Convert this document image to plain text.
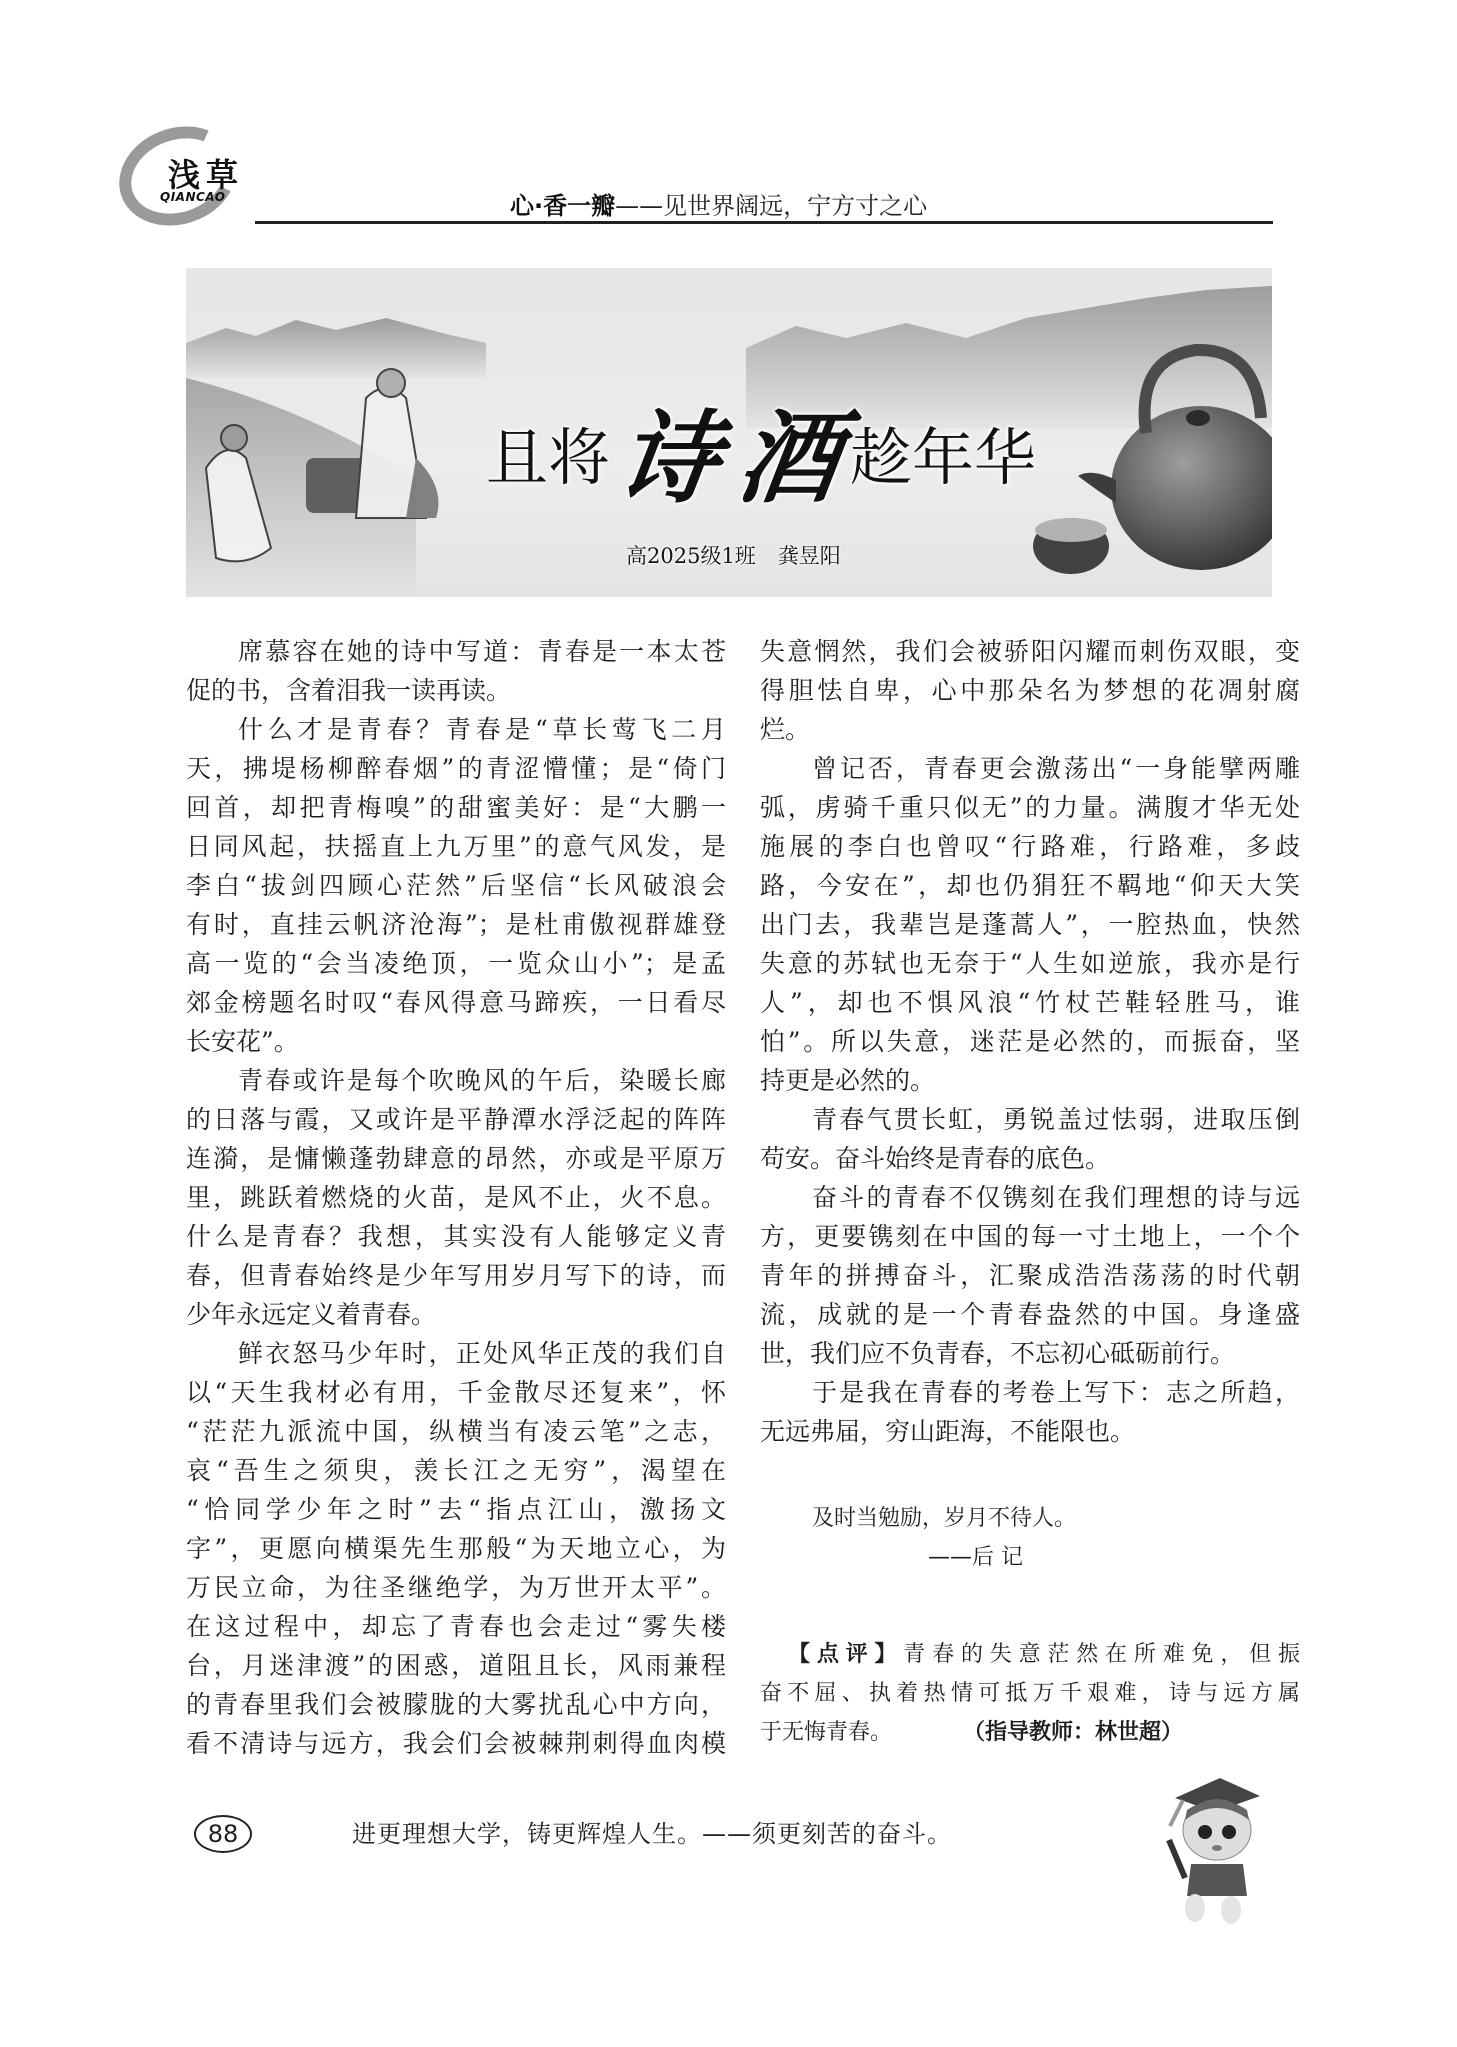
浅草
QIANCAO	心·香一瓣——见世界阔远，宁方寸之心
且将诗酒趁年华
高2025级1班 龚昱阳
席慕容在她的诗中写道：青春是一本太苍
促的书，含着泪我一读再读。
什么才是青春？青春是“草长莺飞二月
天，拂堤杨柳醉春烟”的青涩懵懂；是“倚门
回首，却把青梅嗅”的甜蜜美好：是“大鹏一
日同风起，扶摇直上九万里”的意气风发，是
李白“拔剑四顾心茫然”后坚信“长风破浪会
有时，直挂云帆济沧海”；是杜甫傲视群雄登
高一览的“会当凌绝顶，一览众山小”；是孟
郊金榜题名时叹“春风得意马蹄疾，一日看尽
长安花”。
青春或许是每个吹晚风的午后，染暖长廊
的日落与霞，又或许是平静潭水浮泛起的阵阵
连漪，是慵懒蓬勃肆意的昂然，亦或是平原万
里，跳跃着燃烧的火苗，是风不止，火不息。
什么是青春？我想，其实没有人能够定义青
春，但青春始终是少年写用岁月写下的诗，而
少年永远定义着青春。
鲜衣怒马少年时，正处风华正茂的我们自
以“天生我材必有用，千金散尽还复来”，怀
“茫茫九派流中国，纵横当有凌云笔”之志，
哀“吾生之须臾，羡长江之无穷”，渴望在
“恰同学少年之时”去“指点江山，激扬文
字”，更愿向横渠先生那般“为天地立心，为
万民立命，为往圣继绝学，为万世开太平”。
在这过程中，却忘了青春也会走过“雾失楼
台，月迷津渡”的困惑，道阻且长，风雨兼程
的青春里我们会被朦胧的大雾扰乱心中方向，
看不清诗与远方，我会们会被棘荆刺得血肉模
失意惘然，我们会被骄阳闪耀而刺伤双眼，变
得胆怯自卑，心中那朵名为梦想的花凋射腐
烂。
曾记否，青春更会激荡出“一身能擘两雕
弧，虏骑千重只似无”的力量。满腹才华无处
施展的李白也曾叹“行路难，行路难，多歧
路，今安在”，却也仍狷狂不羁地“仰天大笑
出门去，我辈岂是蓬蒿人”，一腔热血，快然
失意的苏轼也无奈于“人生如逆旅，我亦是行
人”，却也不惧风浪“竹杖芒鞋轻胜马，谁
怕”。所以失意，迷茫是必然的，而振奋，坚
持更是必然的。
青春气贯长虹，勇锐盖过怯弱，进取压倒
苟安。奋斗始终是青春的底色。
奋斗的青春不仅镌刻在我们理想的诗与远
方，更要镌刻在中国的每一寸土地上，一个个
青年的拼搏奋斗，汇聚成浩浩荡荡的时代朝
流，成就的是一个青春盎然的中国。身逢盛
世，我们应不负青春，不忘初心砥砺前行。
于是我在青春的考卷上写下：志之所趋，
无远弗届，穷山距海，不能限也。
及时当勉励，岁月不待人。
——后 记
【点评】青春的失意茫然在所难免，但振
奋不屈、执着热情可抵万千艰难，诗与远方属
于无悔青春。	（指导教师：林世超）
88	进更理想大学，铸更辉煌人生。——须更刻苦的奋斗。
